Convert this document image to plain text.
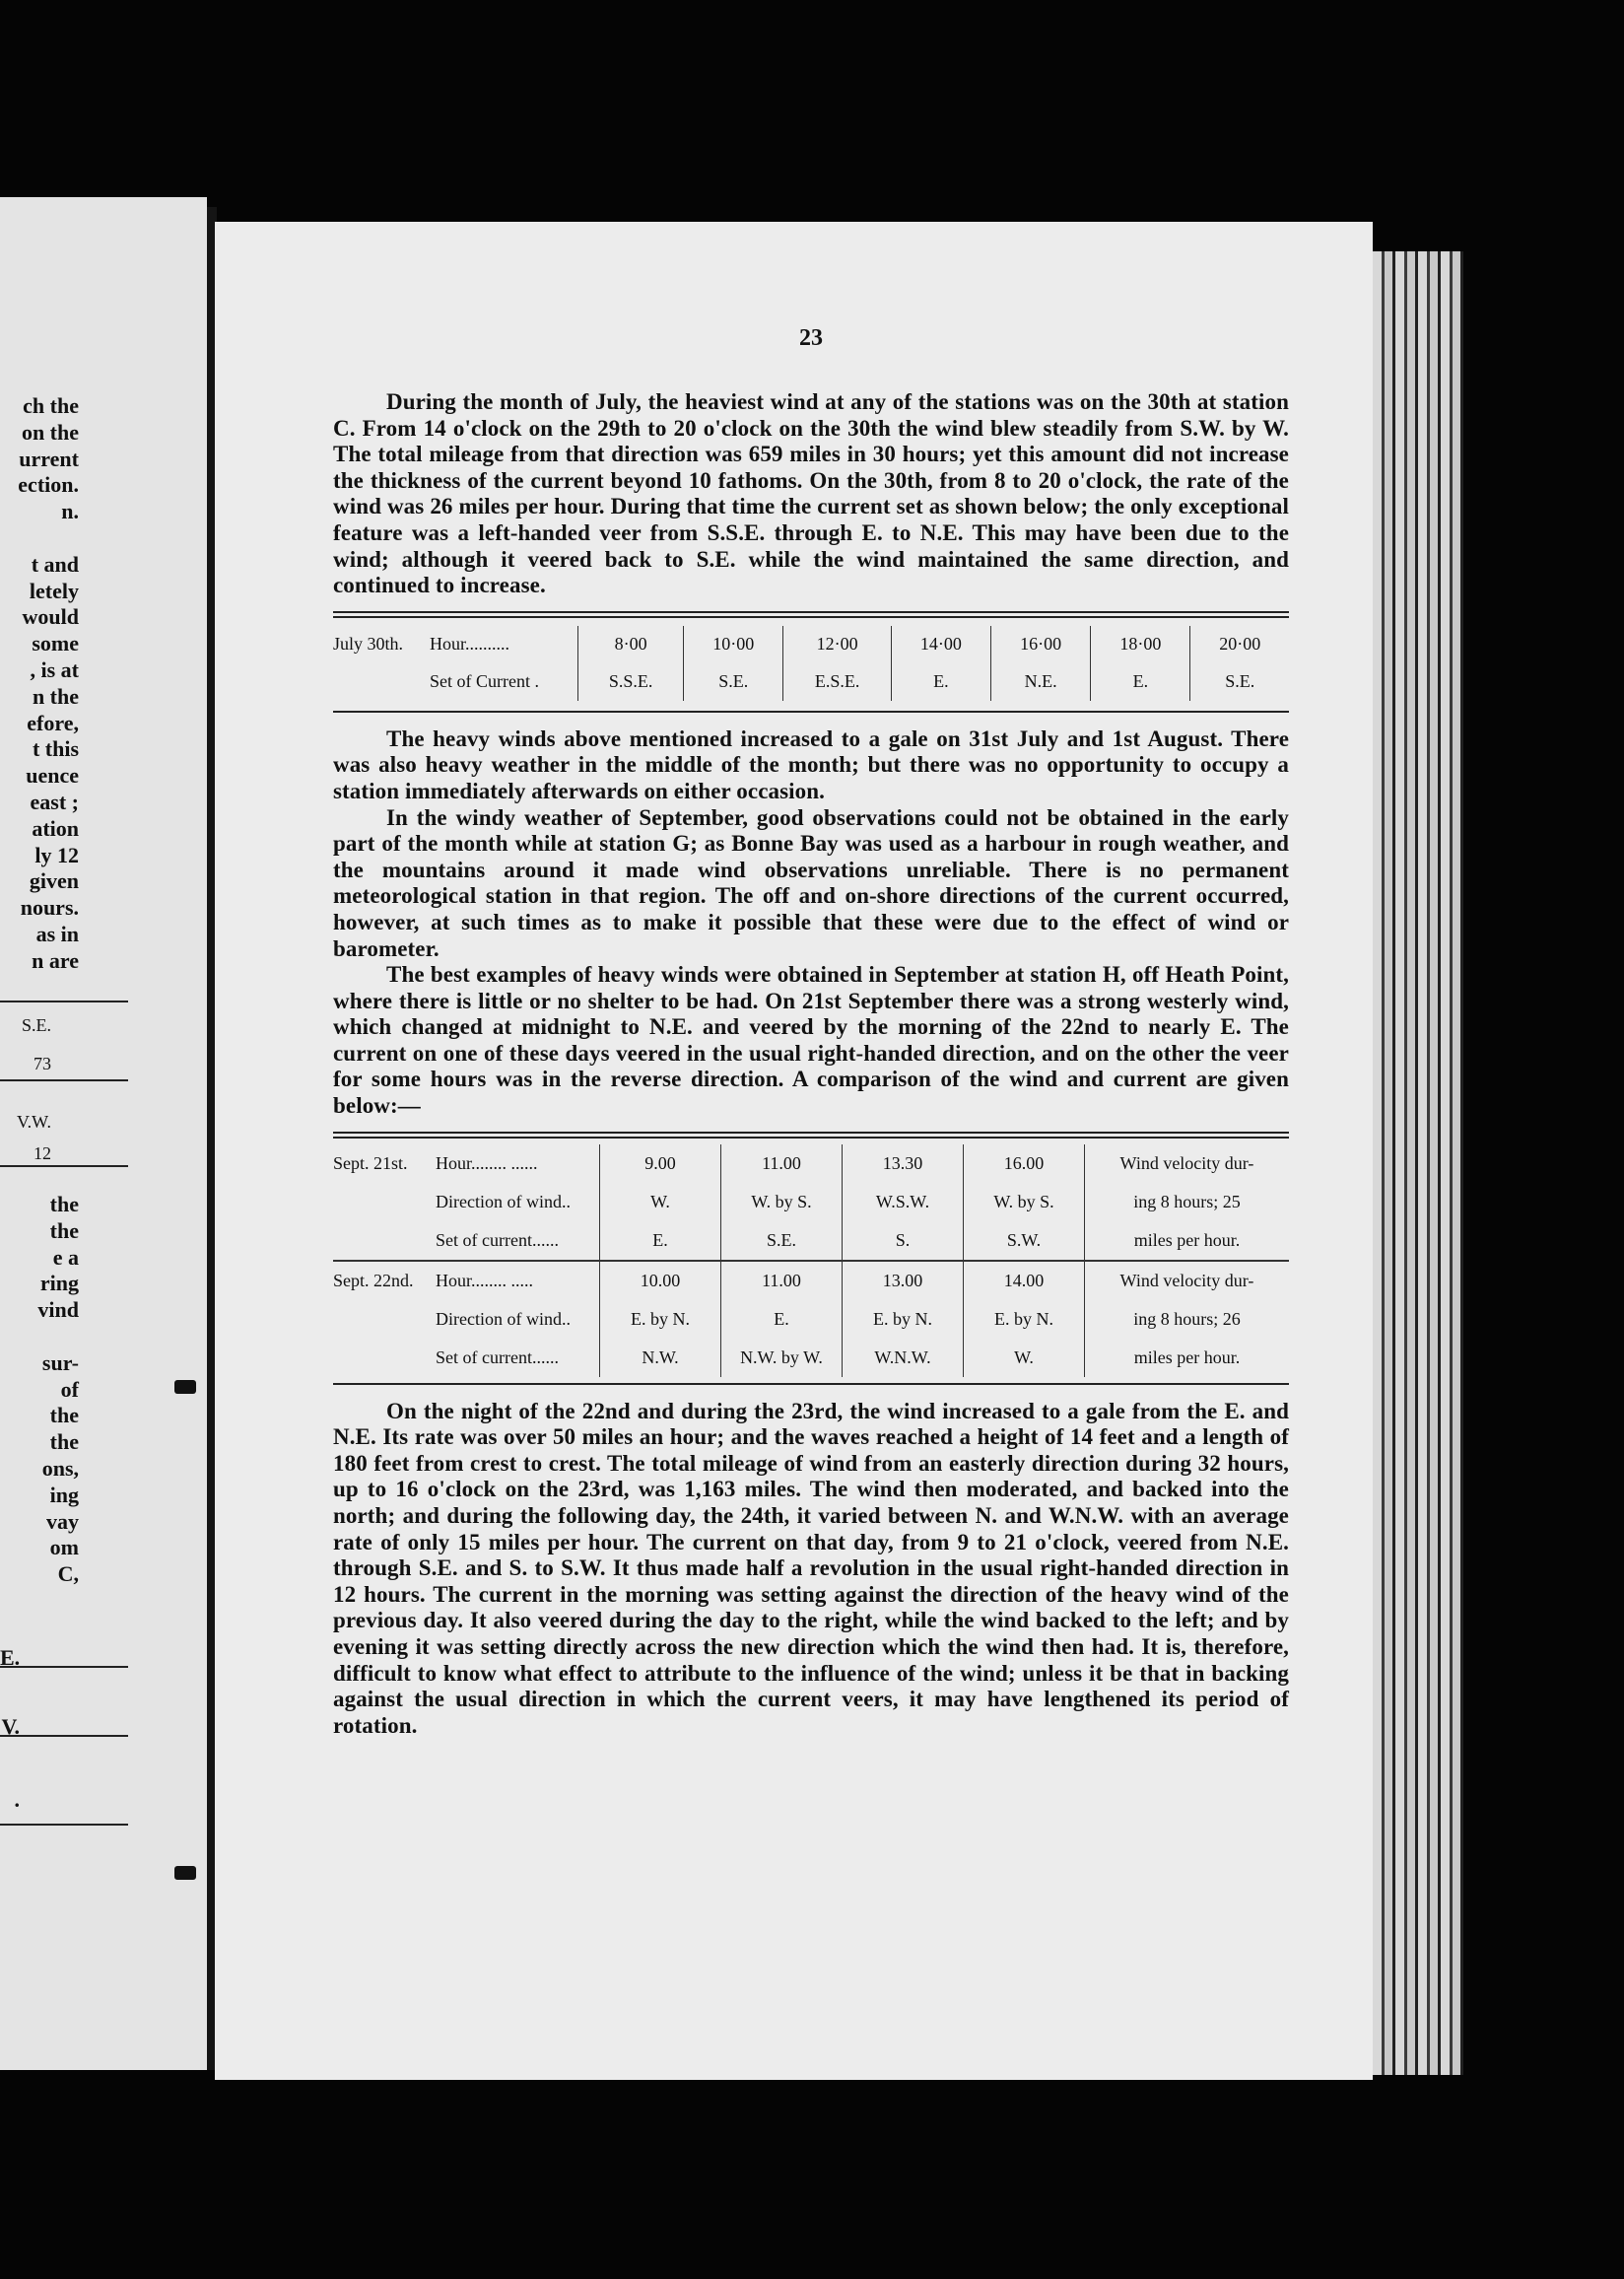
ch the
on the
urrent
ection.
n.
t and
letely
would
some
, is at
n the
efore,
t this
uence
east ;
ation
ly 12
given
nours.
as in
n are
S.E.
73
V.W.
12
the
the
e a
ring
vind
sur-
of
the
the
ons,
ing
vay
om
C,
E.
V.
.
23

During the month of July, the heaviest wind at any of the stations was on the 30th at station C. From 14 o'clock on the 29th to 20 o'clock on the 30th the wind blew steadily from S.W. by W. The total mileage from that direction was 659 miles in 30 hours; yet this amount did not increase the thickness of the current beyond 10 fathoms. On the 30th, from 8 to 20 o'clock, the rate of the wind was 26 miles per hour. During that time the current set as shown below; the only exceptional feature was a left-handed veer from S.S.E. through E. to N.E. This may have been due to the wind; although it veered back to S.E. while the wind maintained the same direction, and continued to increase.

July 30th.	Hour..........	8·00	10·00	12·00	14·00	16·00	18·00	20·00
	Set of Current .	S.S.E.	S.E.	E.S.E.	E.	N.E.	E.	S.E.

The heavy winds above mentioned increased to a gale on 31st July and 1st August. There was also heavy weather in the middle of the month; but there was no opportunity to occupy a station immediately afterwards on either occasion.

In the windy weather of September, good observations could not be obtained in the early part of the month while at station G; as Bonne Bay was used as a harbour in rough weather, and the mountains around it made wind observations unreliable. There is no permanent meteorological station in that region. The off and on-shore directions of the current occurred, however, at such times as to make it possible that these were due to the effect of wind or barometer.

The best examples of heavy winds were obtained in September at station H, off Heath Point, where there is little or no shelter to be had. On 21st September there was a strong westerly wind, which changed at midnight to N.E. and veered by the morning of the 22nd to nearly E. The current on one of these days veered in the usual right-handed direction, and on the other the veer for some hours was in the reverse direction. A comparison of the wind and current are given below:—

Sept. 21st.	Hour........ ......	9.00	11.00	13.30	16.00	Wind velocity dur-
	Direction of wind..	W.	W. by S.	W.S.W.	W. by S.	ing 8 hours; 25
	Set of current......	E.	S.E.	S.	S.W.	miles per hour.
Sept. 22nd.	Hour........ .....	10.00	11.00	13.00	14.00	Wind velocity dur-
	Direction of wind..	E. by N.	E.	E. by N.	E. by N.	ing 8 hours; 26
	Set of current......	N.W.	N.W. by W.	W.N.W.	W.	miles per hour.

On the night of the 22nd and during the 23rd, the wind increased to a gale from the E. and N.E. Its rate was over 50 miles an hour; and the waves reached a height of 14 feet and a length of 180 feet from crest to crest. The total mileage of wind from an easterly direction during 32 hours, up to 16 o'clock on the 23rd, was 1,163 miles. The wind then moderated, and backed into the north; and during the following day, the 24th, it varied between N. and W.N.W. with an average rate of only 15 miles per hour. The current on that day, from 9 to 21 o'clock, veered from N.E. through S.E. and S. to S.W. It thus made half a revolution in the usual right-handed direction in 12 hours. The current in the morning was setting against the direction of the heavy wind of the previous day. It also veered during the day to the right, while the wind backed to the left; and by evening it was setting directly across the new direction which the wind then had. It is, therefore, difficult to know what effect to attribute to the influence of the wind; unless it be that in backing against the usual direction in which the current veers, it may have lengthened its period of rotation.
